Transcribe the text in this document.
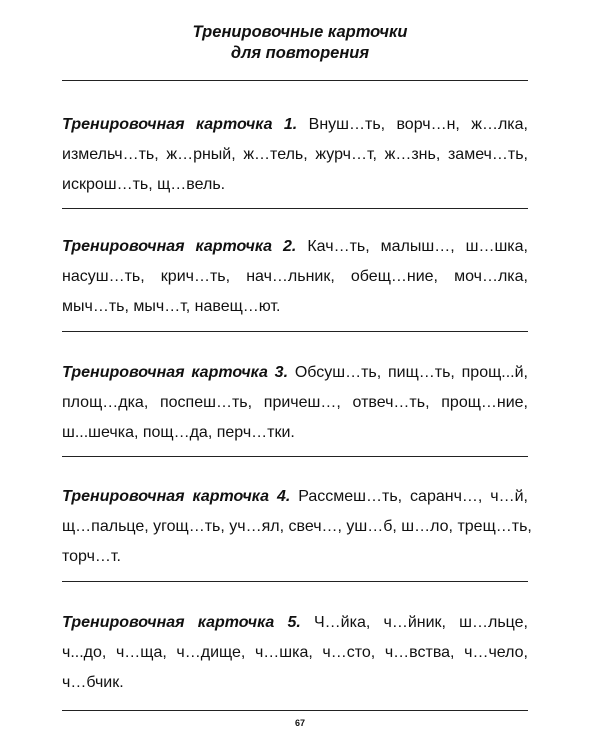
Тренировочные карточки
для повторения
Тренировочная карточка 1. Внуш…ть, ворч…н, ж…лка,
измельч…ть, ж…рный, ж…тель, журч…т, ж…знь, замеч…ть,
искрош…ть, щ…вель.
Тренировочная карточка 2. Кач…ть, малыш…, ш…шка,
насуш…ть, крич…ть, нач…льник, обещ…ние, моч…лка,
мыч…ть, мыч…т, навещ…ют.
Тренировочная карточка 3. Обсуш…ть, пищ…ть, прощ...й,
площ…дка, поспеш…ть, причеш…, отвеч…ть, прощ…ние,
ш...шечка, пощ…да, перч…тки.
Тренировочная карточка 4. Рассмеш…ть, саранч…, ч…й,
щ…пальце, угощ…ть, уч…ял, свеч…, уш…б, ш…ло, трещ…ть,
торч…т.
Тренировочная карточка 5. Ч…йка, ч…йник, ш…льце,
ч...до, ч…ща, ч…дище, ч…шка, ч…сто, ч…вства, ч…чело,
ч…бчик.
67
